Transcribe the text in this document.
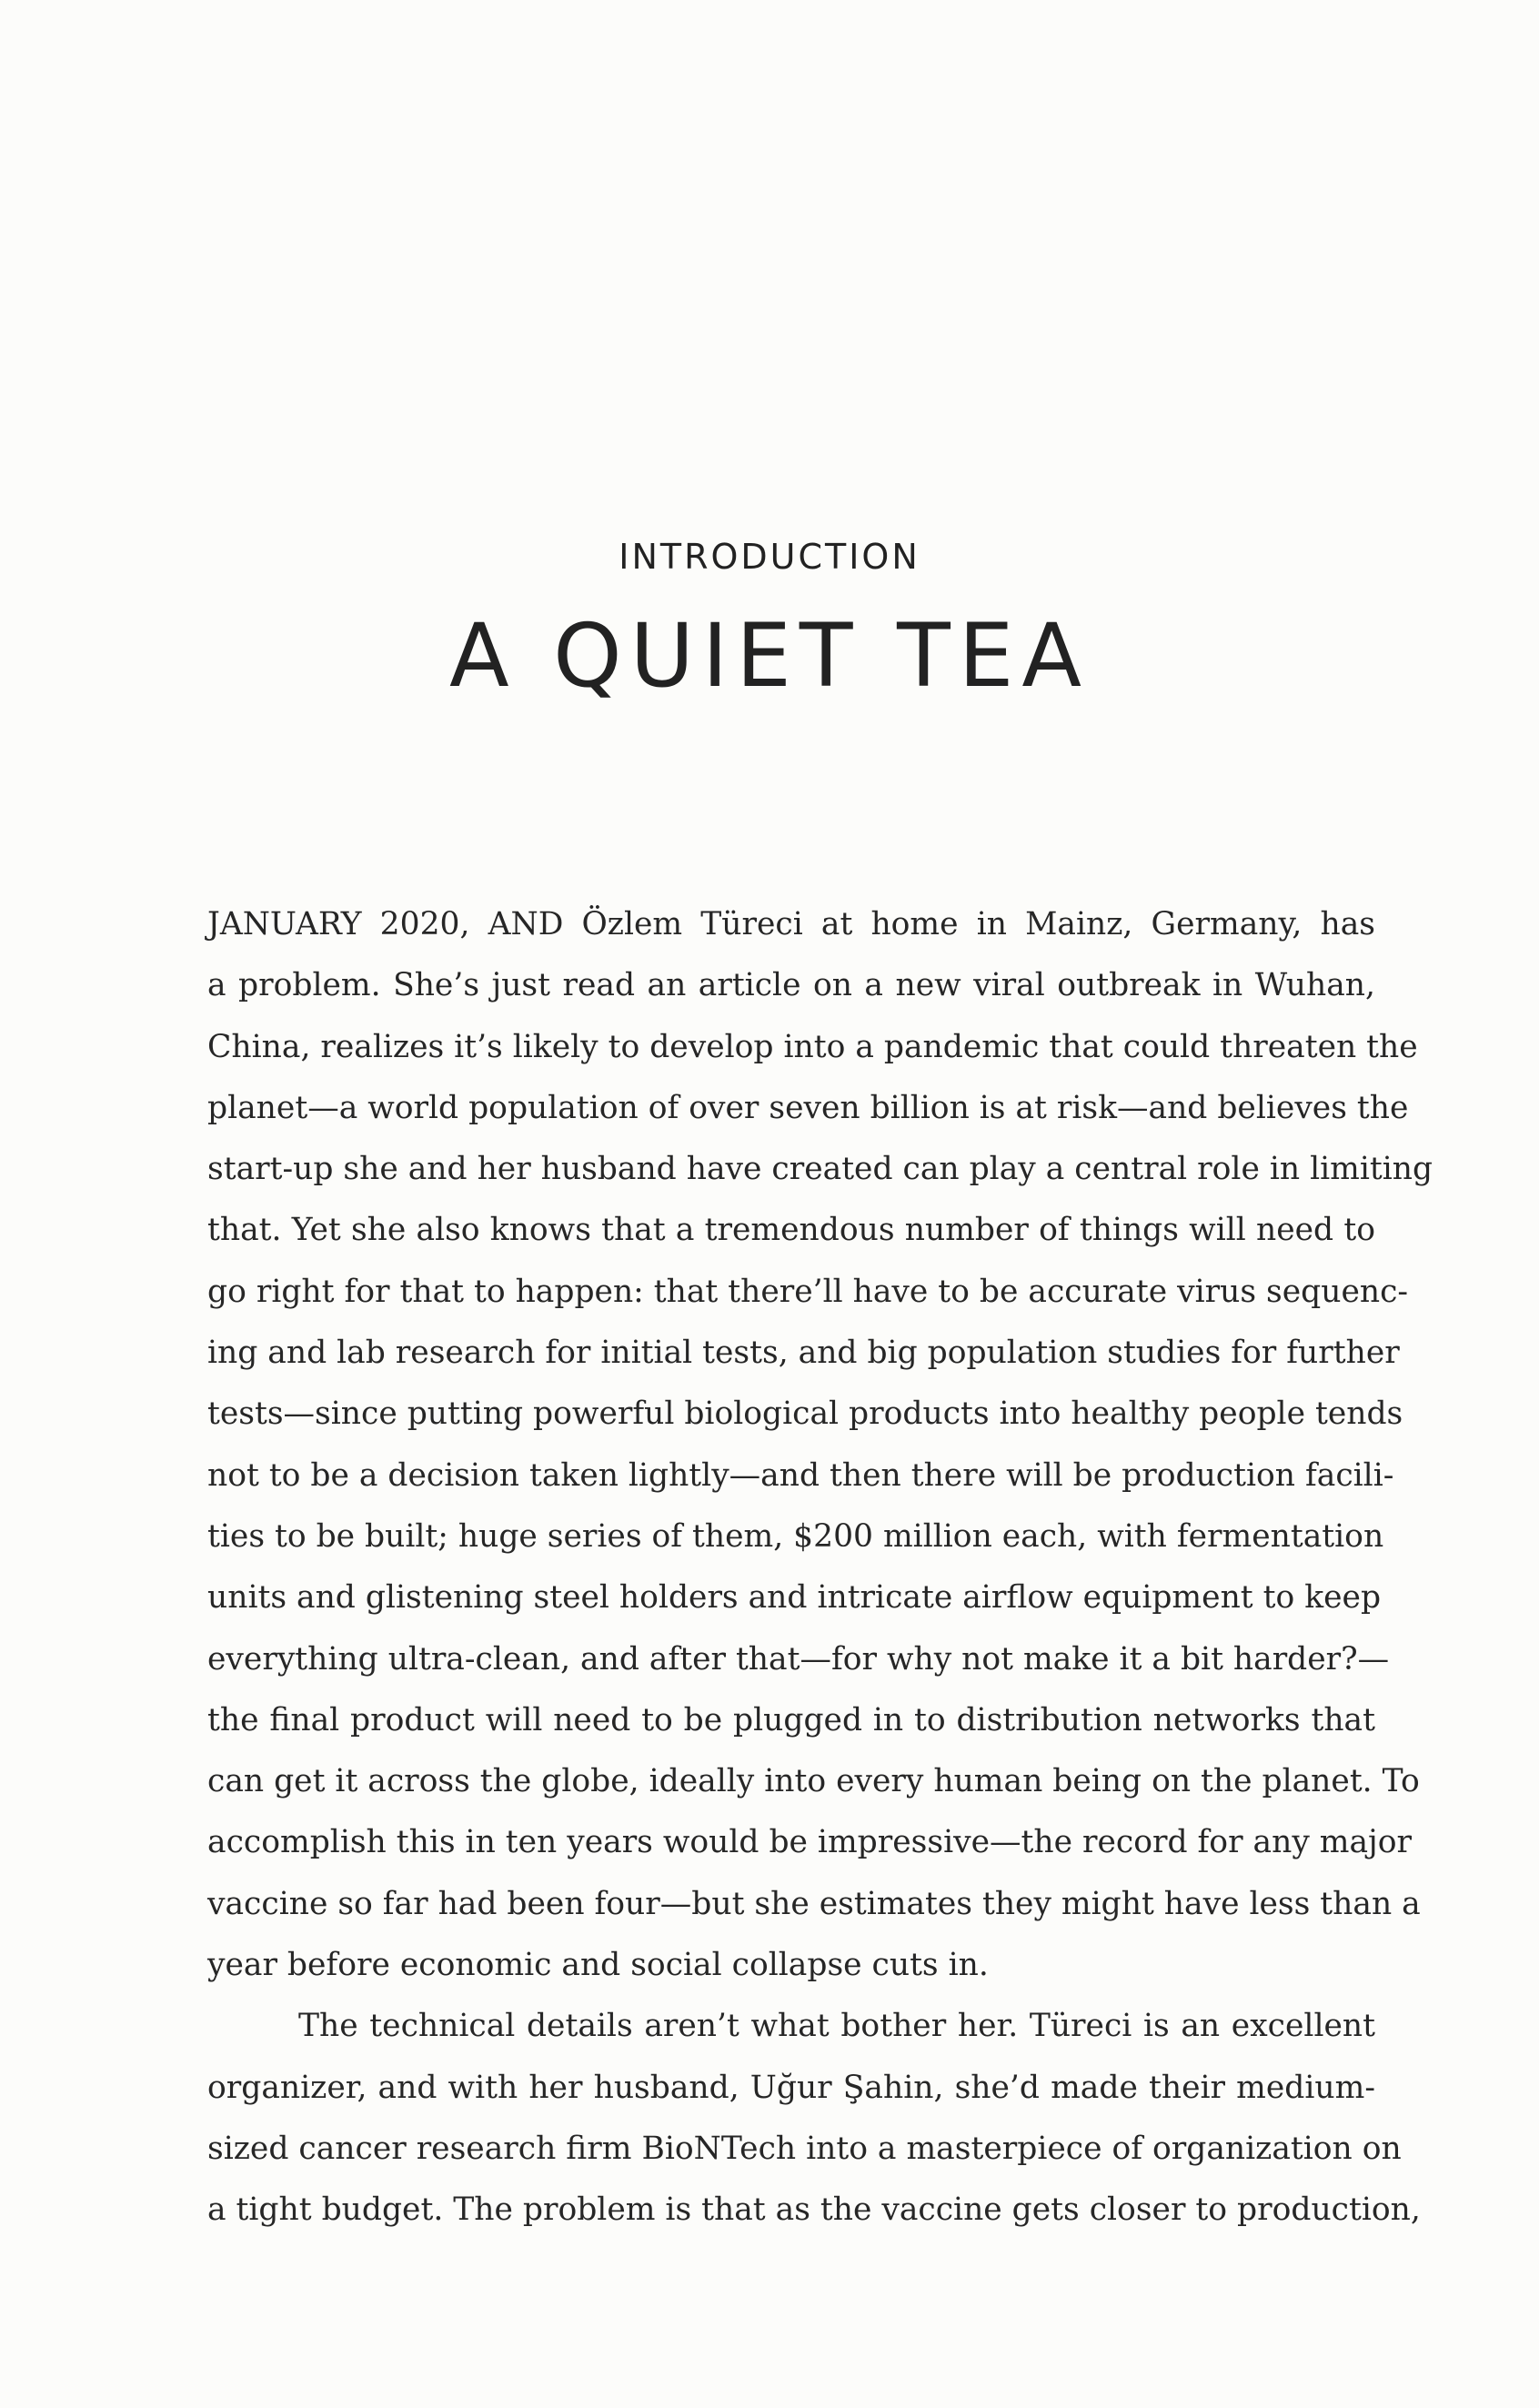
INTRODUCTION
A QUIET TEA

JANUARY 2020, AND Özlem Türeci at home in Mainz, Germany, has
a problem. She’s just read an article on a new viral outbreak in Wuhan,
China, realizes it’s likely to develop into a pandemic that could threaten the
planet—a world population of over seven billion is at risk—and believes the
start-up she and her husband have created can play a central role in limiting
that. Yet she also knows that a tremendous number of things will need to
go right for that to happen: that there’ll have to be accurate virus sequenc-
ing and lab research for initial tests, and big population studies for further
tests—since putting powerful biological products into healthy people tends
not to be a decision taken lightly—and then there will be production facili-
ties to be built; huge series of them, $200 million each, with fermentation
units and glistening steel holders and intricate airflow equipment to keep
everything ultra-clean, and after that—for why not make it a bit harder?—
the final product will need to be plugged in to distribution networks that
can get it across the globe, ideally into every human being on the planet. To
accomplish this in ten years would be impressive—the record for any major
vaccine so far had been four—but she estimates they might have less than a
year before economic and social collapse cuts in.

The technical details aren’t what bother her. Türeci is an excellent
organizer, and with her husband, Uğur Şahin, she’d made their medium-
sized cancer research firm BioNTech into a masterpiece of organization on
a tight budget. The problem is that as the vaccine gets closer to production,
